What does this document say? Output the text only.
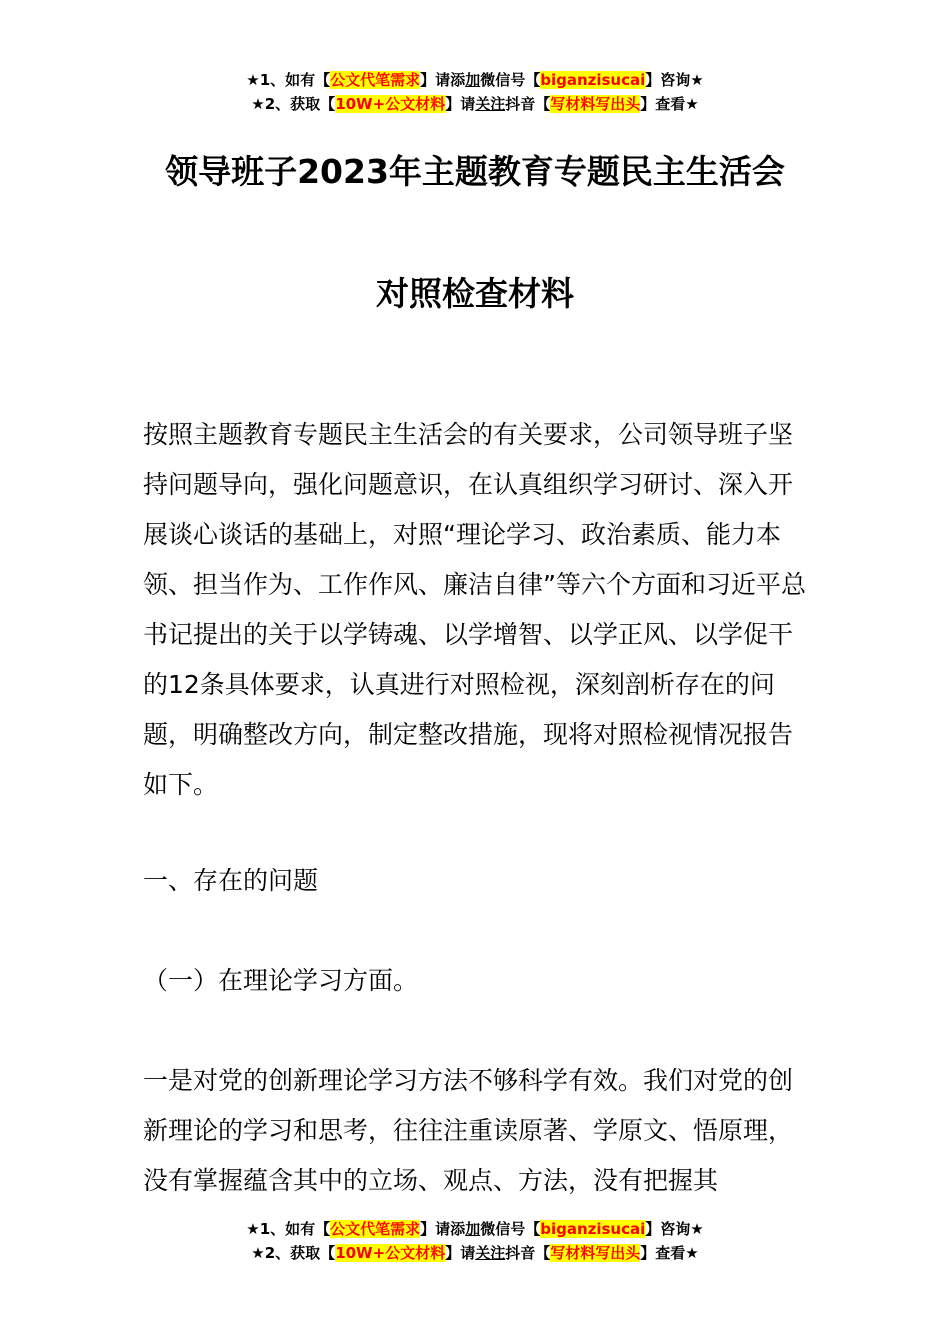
★1、如有【公文代笔需求】请添加微信号【biganzisucai】咨询★
★2、获取【10W+公文材料】请关注抖音【写材料写出头】查看★
领导班子2023年主题教育专题民主生活会
对照检查材料

按照主题教育专题民主生活会的有关要求，公司领导班子坚持问题导向，强化问题意识，在认真组织学习研讨、深入开展谈心谈话的基础上，对照“理论学习、政治素质、能力本领、担当作为、工作作风、廉洁自律”等六个方面和习近平总书记提出的关于以学铸魂、以学增智、以学正风、以学促干的12条具体要求，认真进行对照检视，深刻剖析存在的问题，明确整改方向，制定整改措施，现将对照检视情况报告如下。

一、存在的问题

（一）在理论学习方面。

一是对党的创新理论学习方法不够科学有效。我们对党的创新理论的学习和思考，往往注重读原著、学原文、悟原理，没有掌握蕴含其中的立场、观点、方法，没有把握其

★1、如有【公文代笔需求】请添加微信号【biganzisucai】咨询★
★2、获取【10W+公文材料】请关注抖音【写材料写出头】查看★
